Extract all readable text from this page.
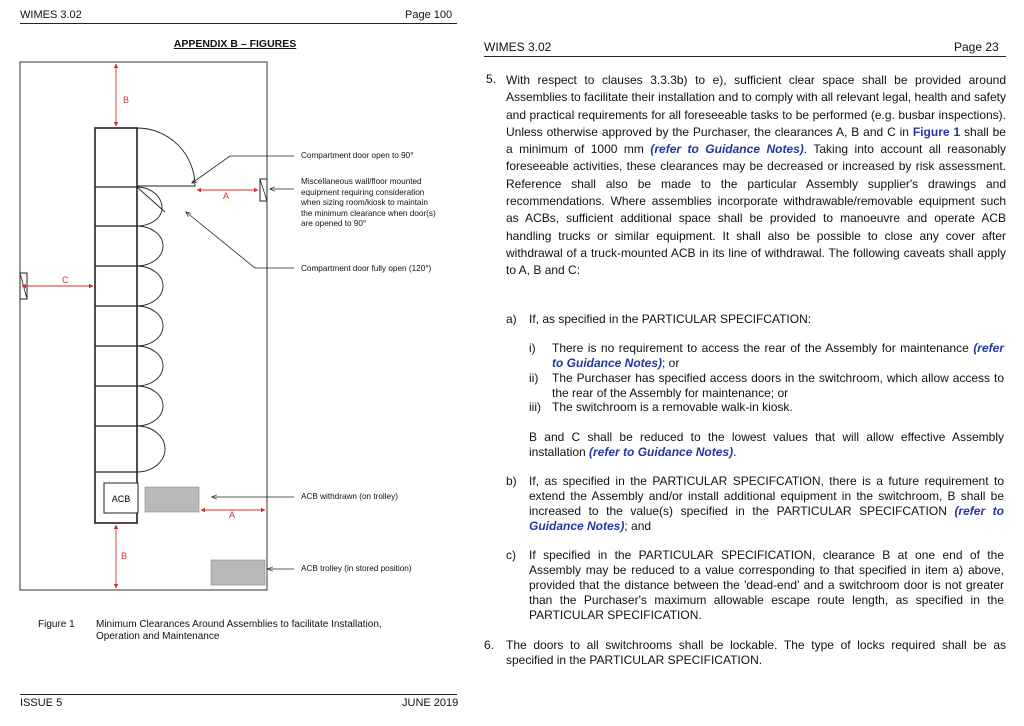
WIMES 3.02	Page 100
APPENDIX B – FIGURES
ACB
B
A
C
A
B
Compartment door open to 90°
Miscellaneous wall/floor mounted
equipment requiring consideration
when sizing room/kiosk to maintain
the minimum clearance when door(s)
are opened to 90°
Compartment door fully open (120°)
ACB withdrawn (on trolley)
ACB trolley (in stored position)
Figure 1 Minimum Clearances Around Assemblies to facilitate Installation, Operation and Maintenance
ISSUE 5	JUNE 2019
WIMES 3.02	Page 23
5. With respect to clauses 3.3.3b) to e), sufficient clear space shall be provided around Assemblies to facilitate their installation and to comply with all relevant legal, health and safety and practical requirements for all foreseeable tasks to be performed (e.g. busbar inspections). Unless otherwise approved by the Purchaser, the clearances A, B and C in Figure 1 shall be a minimum of 1000 mm (refer to Guidance Notes). Taking into account all reasonably foreseeable activities, these clearances may be decreased or increased by risk assessment. Reference shall also be made to the particular Assembly supplier's drawings and recommendations. Where assemblies incorporate withdrawable/removable equipment such as ACBs, sufficient additional space shall be provided to manoeuvre and operate ACB handling trucks or similar equipment. It shall also be possible to close any cover after withdrawal of a truck-mounted ACB in its line of withdrawal. The following caveats shall apply to A, B and C:
a) If, as specified in the PARTICULAR SPECIFCATION:
i) There is no requirement to access the rear of the Assembly for maintenance (refer to Guidance Notes); or
ii) The Purchaser has specified access doors in the switchroom, which allow access to the rear of the Assembly for maintenance; or
iii) The switchroom is a removable walk-in kiosk.
B and C shall be reduced to the lowest values that will allow effective Assembly installation (refer to Guidance Notes).
b) If, as specified in the PARTICULAR SPECIFCATION, there is a future requirement to extend the Assembly and/or install additional equipment in the switchroom, B shall be increased to the value(s) specified in the PARTICULAR SPECIFCATION (refer to Guidance Notes); and
c) If specified in the PARTICULAR SPECIFICATION, clearance B at one end of the Assembly may be reduced to a value corresponding to that specified in item a) above, provided that the distance between the 'dead-end' and a switchroom door is not greater than the Purchaser's maximum allowable escape route length, as specified in the PARTICULAR SPECIFICATION.
6. The doors to all switchrooms shall be lockable. The type of locks required shall be as specified in the PARTICULAR SPECIFICATION.
